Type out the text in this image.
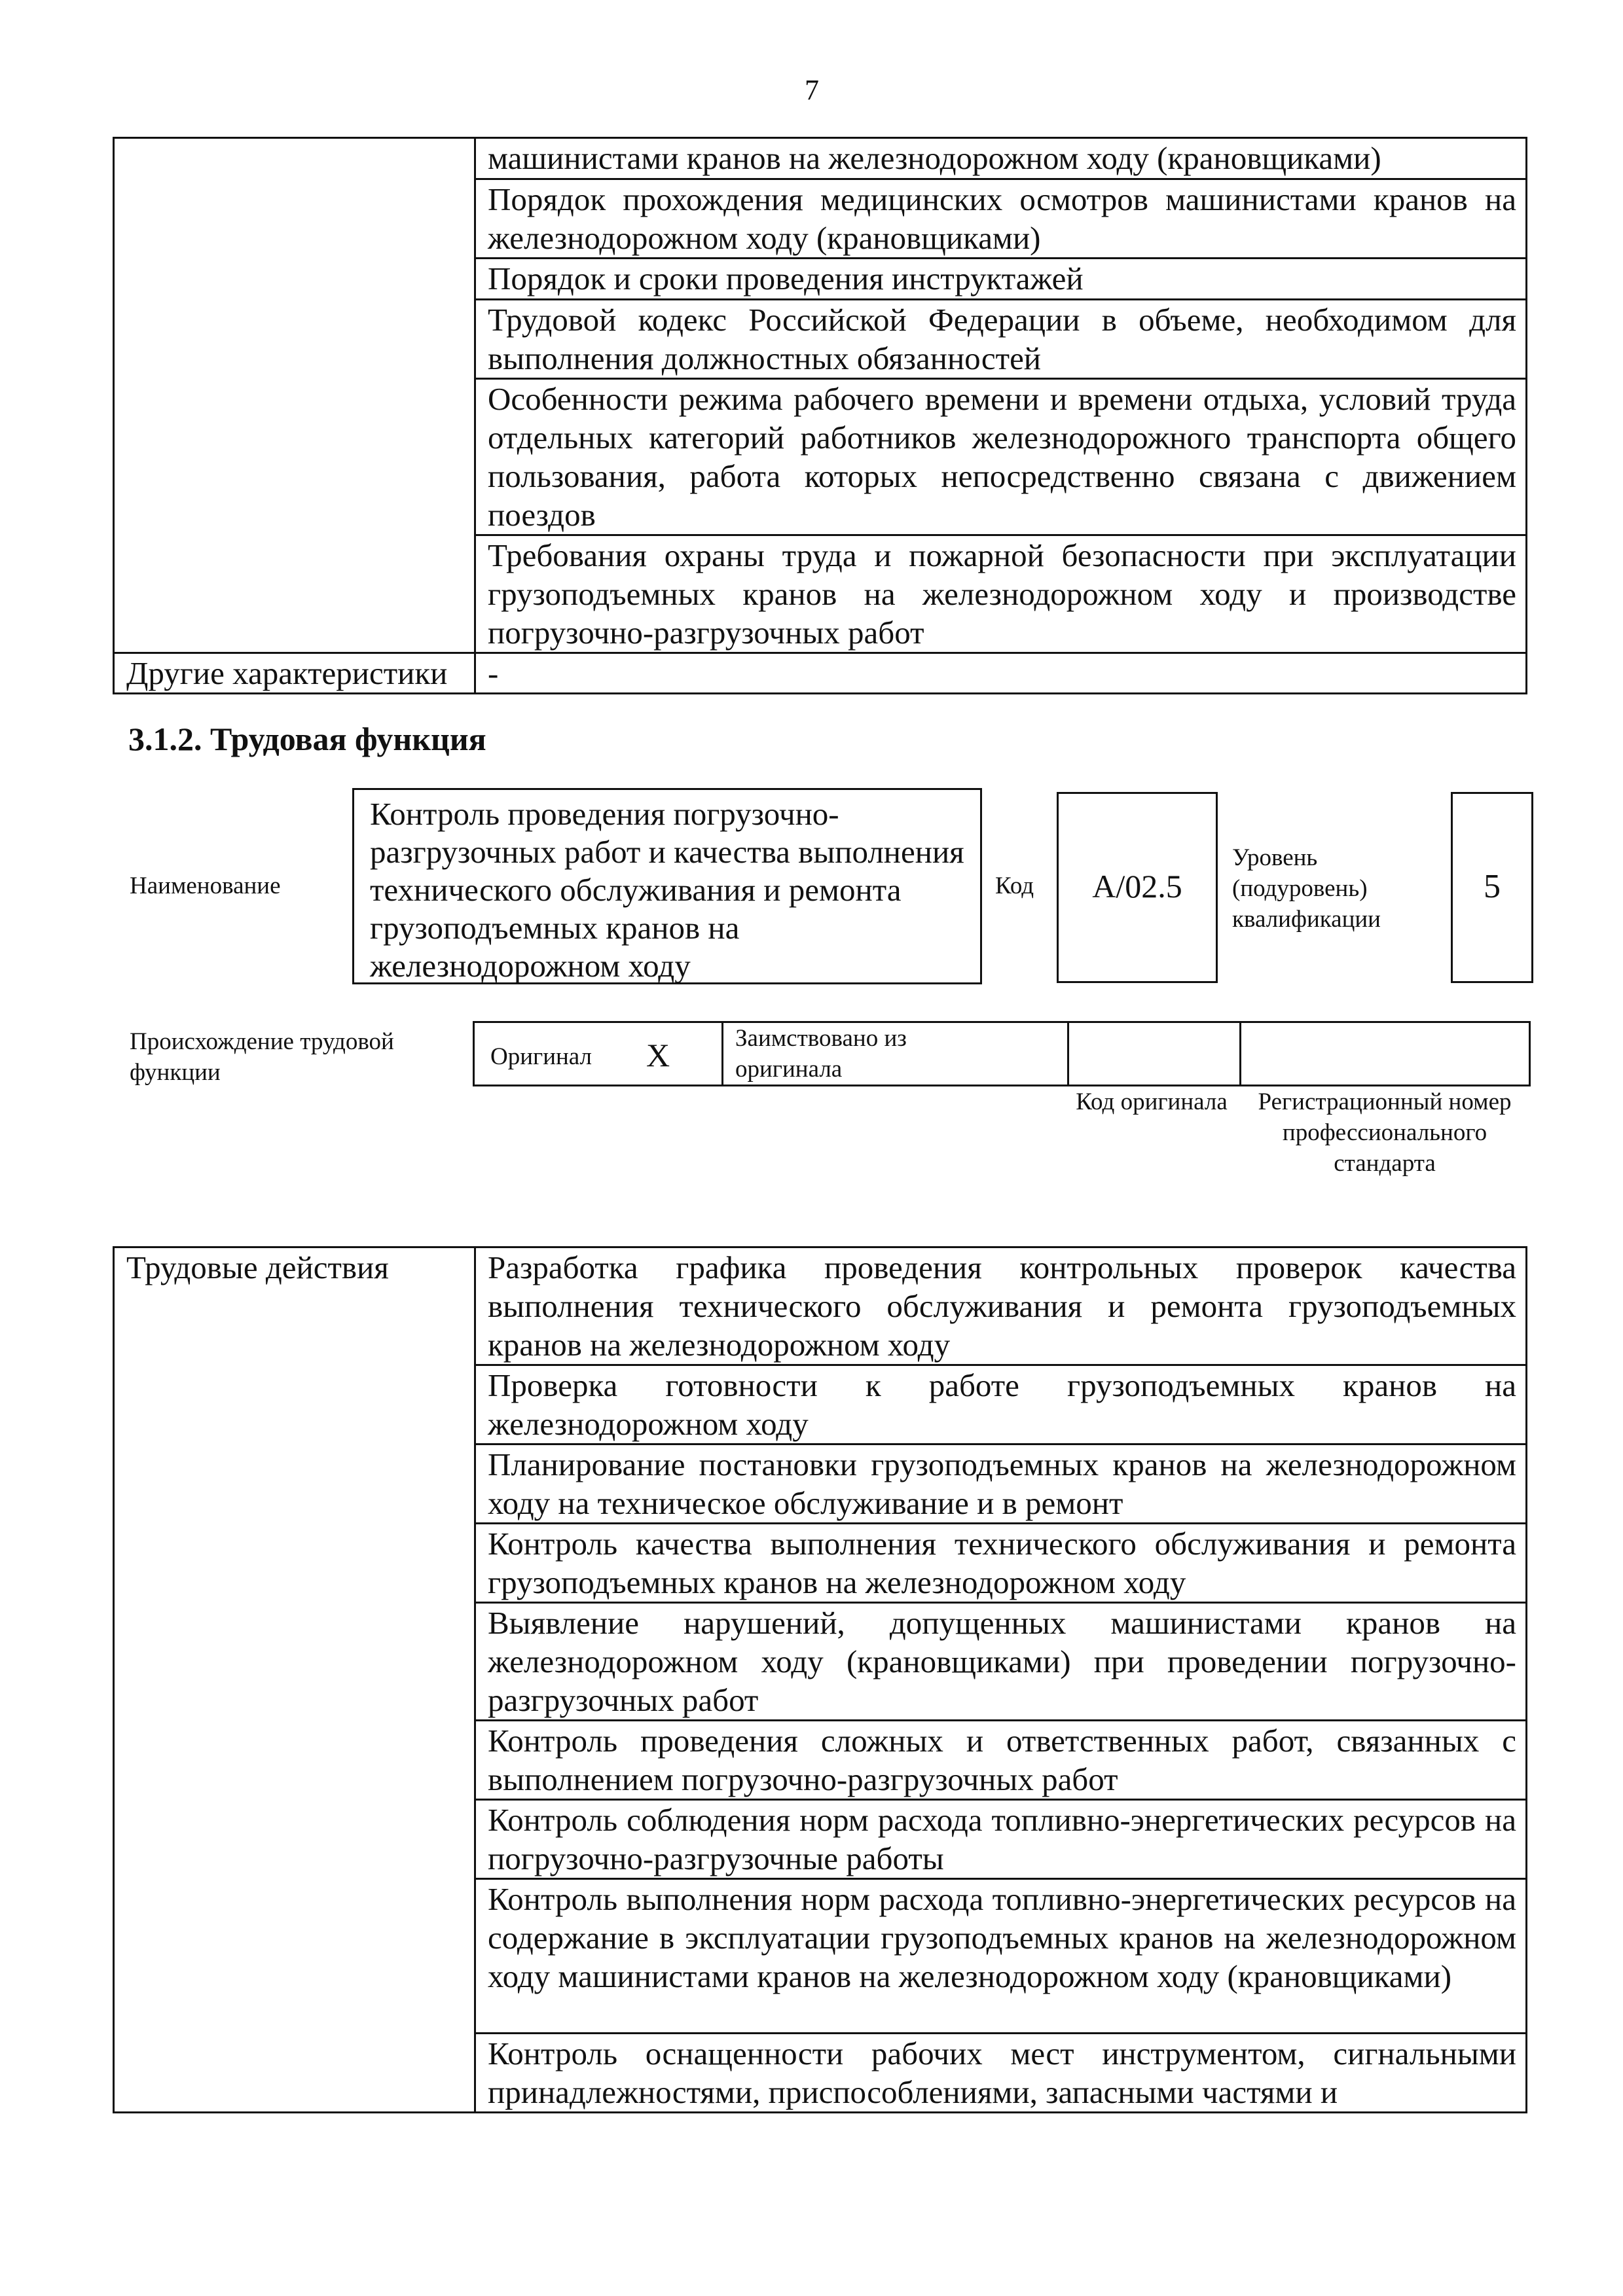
7
	машинистами кранов на железнодорожном ходу (крановщиками)
	Порядок прохождения медицинских осмотров машинистами кранов на железнодорожном ходу (крановщиками)
	Порядок и сроки проведения инструктажей
	Трудовой кодекс Российской Федерации в объеме, необходимом для выполнения должностных обязанностей
	Особенности режима рабочего времени и времени отдыха, условий труда отдельных категорий работников железнодорожного транспорта общего пользования, работа которых непосредственно связана с движением поездов
	Требования охраны труда и пожарной безопасности при эксплуатации грузоподъемных кранов на железнодорожном ходу и производстве погрузочно-разгрузочных работ
Другие характеристики	-
3.1.2. Трудовая функция
Наименование
Контроль проведения погрузочно-разгрузочных работ и качества выполнения технического обслуживания и ремонта грузоподъемных кранов на железнодорожном ходу
Код	A/02.5
Уровень (подуровень) квалификации
5
Происхождение трудовой функции
Оригинал X	Заимствовано из оригинала
Код оригинала	Регистрационный номер профессионального стандарта
Трудовые действия	Разработка графика проведения контрольных проверок качества выполнения технического обслуживания и ремонта грузоподъемных кранов на железнодорожном ходу
Проверка готовности к работе грузоподъемных кранов на железнодорожном ходу
Планирование постановки грузоподъемных кранов на железнодорожном ходу на техническое обслуживание и в ремонт
Контроль качества выполнения технического обслуживания и ремонта грузоподъемных кранов на железнодорожном ходу
Выявление нарушений, допущенных машинистами кранов на железнодорожном ходу (крановщиками) при проведении погрузочно-разгрузочных работ
Контроль проведения сложных и ответственных работ, связанных с выполнением погрузочно-разгрузочных работ
Контроль соблюдения норм расхода топливно-энергетических ресурсов на погрузочно-разгрузочные работы
Контроль выполнения норм расхода топливно-энергетических ресурсов на содержание в эксплуатации грузоподъемных кранов на железнодорожном ходу машинистами кранов на железнодорожном ходу (крановщиками)
Контроль оснащенности рабочих мест инструментом, сигнальными принадлежностями, приспособлениями, запасными частями и
